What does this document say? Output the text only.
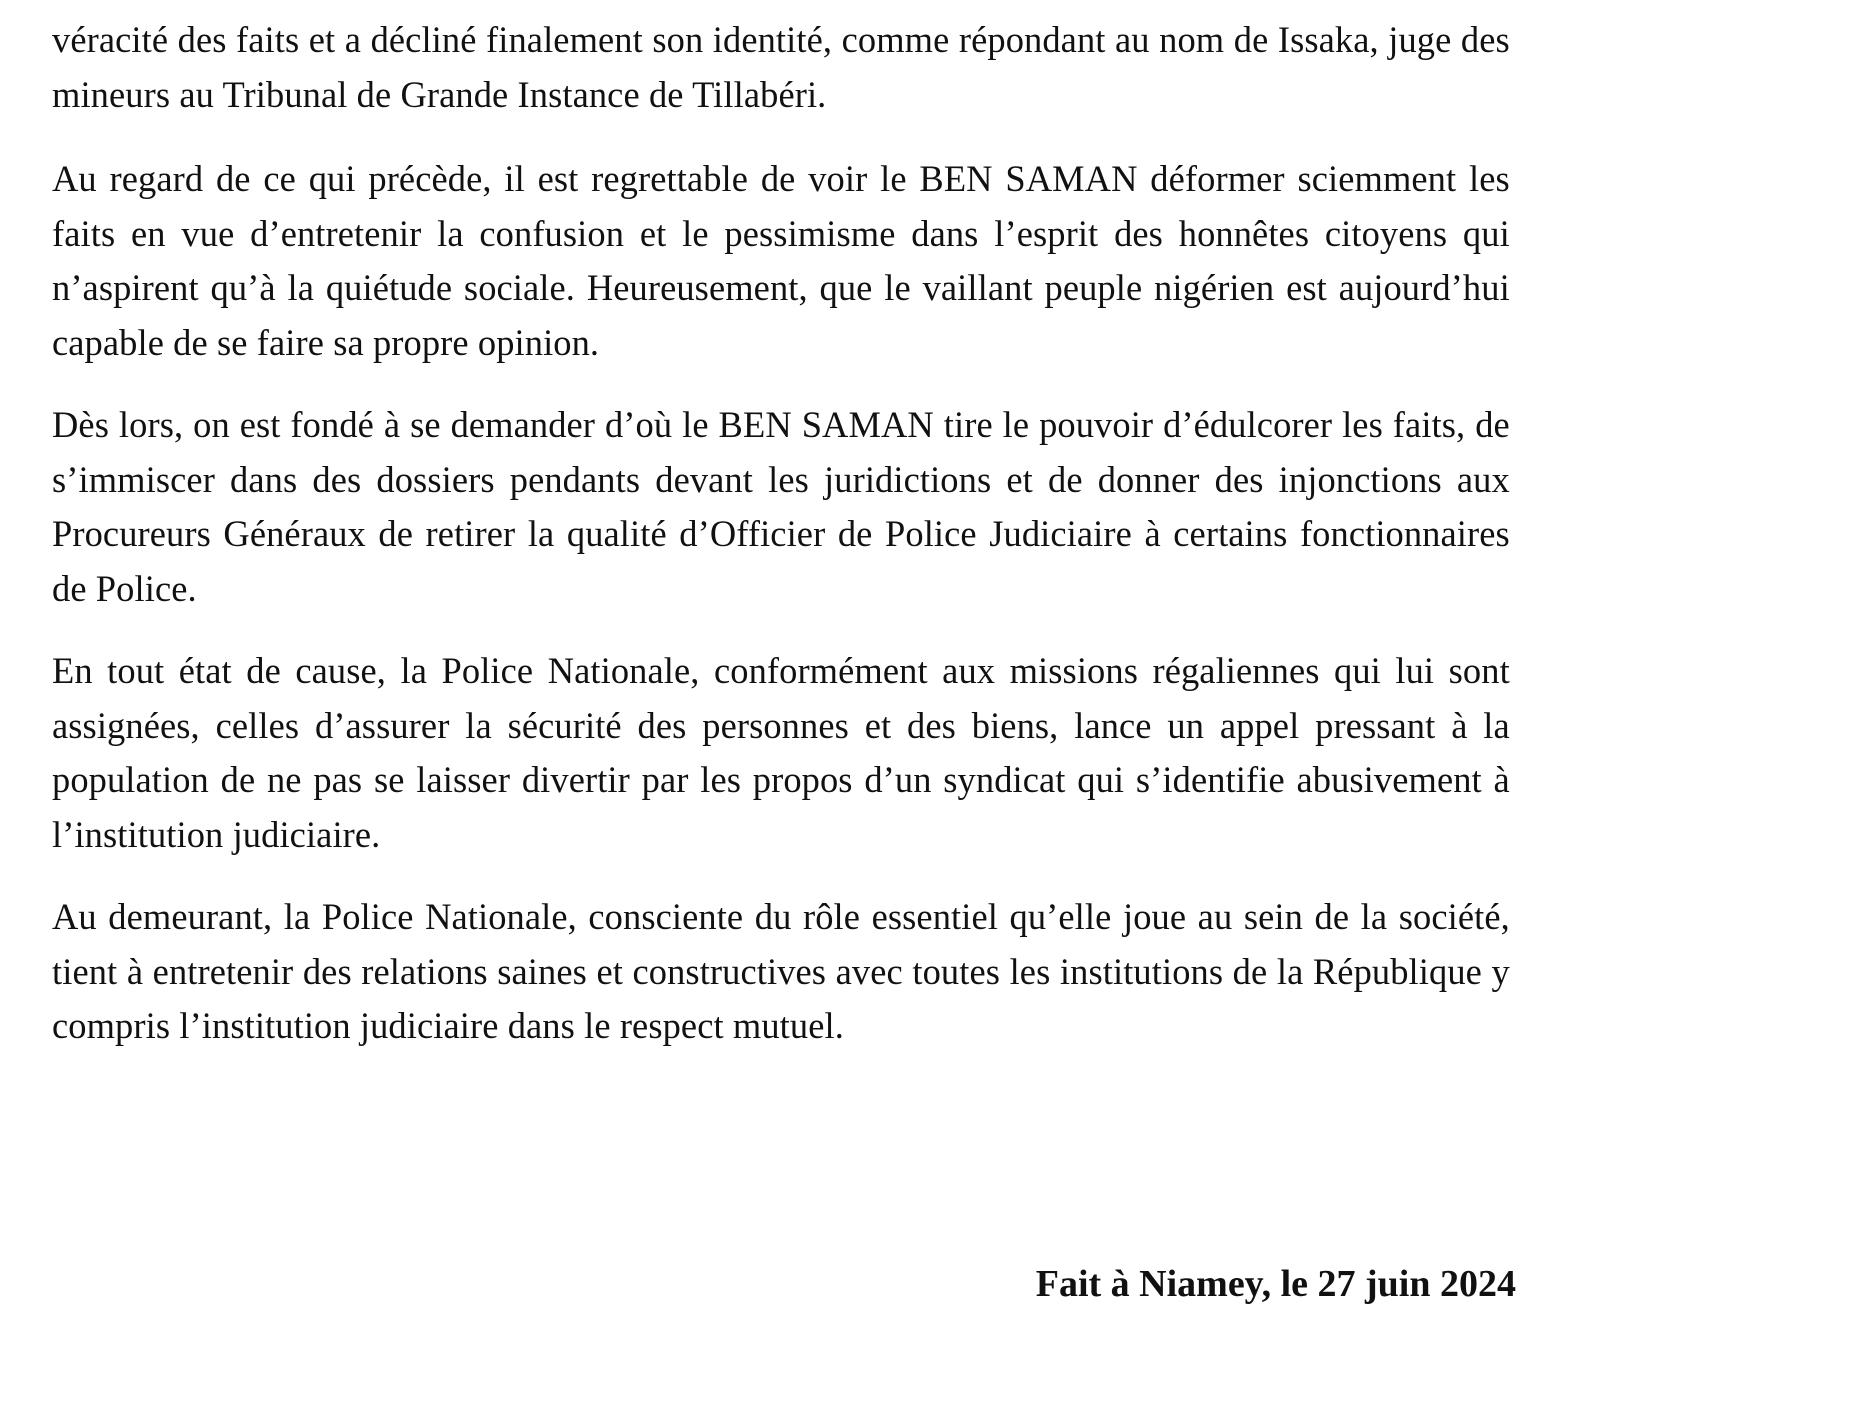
véracité des faits et a décliné finalement son identité, comme répondant au nom de Issaka, juge des mineurs au Tribunal de Grande Instance de Tillabéri.

Au regard de ce qui précède, il est regrettable de voir le BEN SAMAN déformer sciemment les faits en vue d’entretenir la confusion et le pessimisme dans l’esprit des honnêtes citoyens qui n’aspirent qu’à la quiétude sociale. Heureusement, que le vaillant peuple nigérien est aujourd’hui capable de se faire sa propre opinion.

Dès lors, on est fondé à se demander d’où le BEN SAMAN tire le pouvoir d’édulcorer les faits, de s’immiscer dans des dossiers pendants devant les juridictions et de donner des injonctions aux Procureurs Généraux de retirer la qualité d’Officier de Police Judiciaire à certains fonctionnaires de Police.

En tout état de cause, la Police Nationale, conformément aux missions régaliennes qui lui sont assignées, celles d’assurer la sécurité des personnes et des biens, lance un appel pressant à la population de ne pas se laisser divertir par les propos d’un syndicat qui s’identifie abusivement à l’institution judiciaire.

Au demeurant, la Police Nationale, consciente du rôle essentiel qu’elle joue au sein de la société, tient à entretenir des relations saines et constructives avec toutes les institutions de la République y compris l’institution judiciaire dans le respect mutuel.

Fait à Niamey, le 27 juin 2024
